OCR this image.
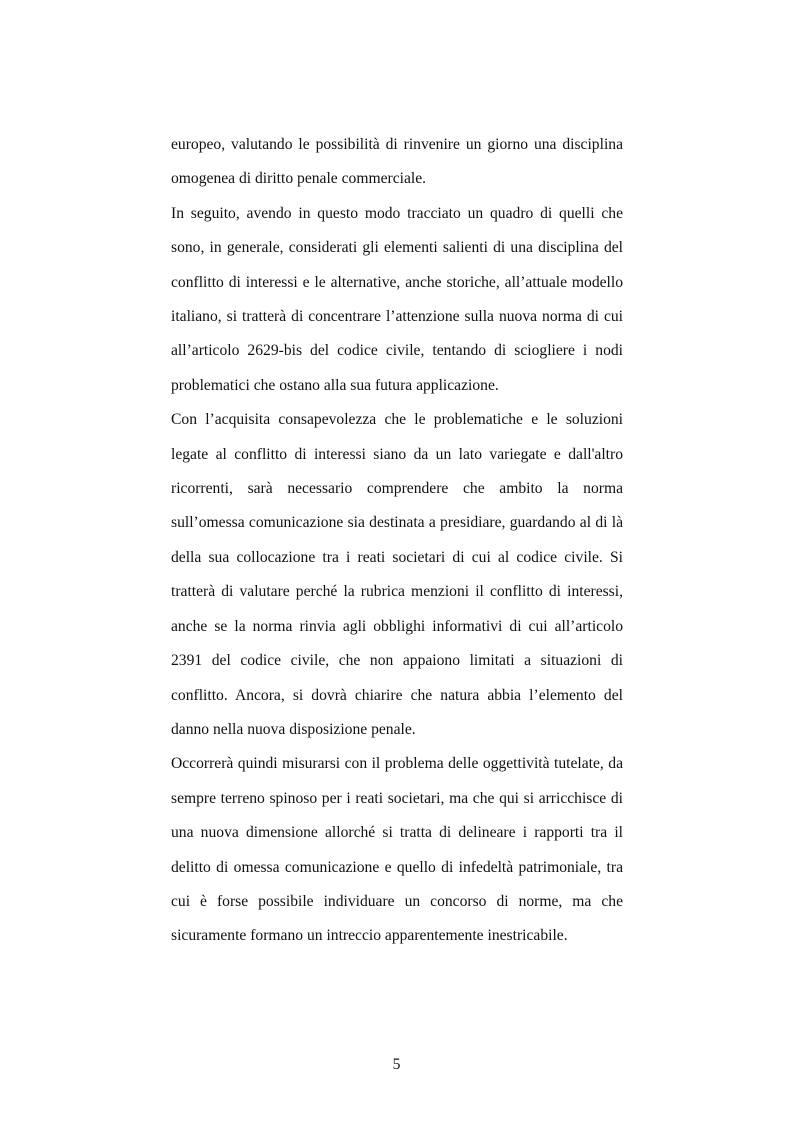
europeo, valutando le possibilità di rinvenire un giorno una disciplina omogenea di diritto penale commerciale.

In seguito, avendo in questo modo tracciato un quadro di quelli che sono, in generale, considerati gli elementi salienti di una disciplina del conflitto di interessi e le alternative, anche storiche, all’attuale modello italiano, si tratterà di concentrare l’attenzione sulla nuova norma di cui all’articolo 2629-bis del codice civile, tentando di sciogliere i nodi problematici che ostano alla sua futura applicazione.

Con l’acquisita consapevolezza che le problematiche e le soluzioni legate al conflitto di interessi siano da un lato variegate e dall'altro ricorrenti, sarà necessario comprendere che ambito la norma sull’omessa comunicazione sia destinata a presidiare, guardando al di là della sua collocazione tra i reati societari di cui al codice civile. Si tratterà di valutare perché la rubrica menzioni il conflitto di interessi, anche se la norma rinvia agli obblighi informativi di cui all’articolo 2391 del codice civile, che non appaiono limitati a situazioni di conflitto. Ancora, si dovrà chiarire che natura abbia l’elemento del danno nella nuova disposizione penale.

Occorrerà quindi misurarsi con il problema delle oggettività tutelate, da sempre terreno spinoso per i reati societari, ma che qui si arricchisce di una nuova dimensione allorché si tratta di delineare i rapporti tra il delitto di omessa comunicazione e quello di infedeltà patrimoniale, tra cui è forse possibile individuare un concorso di norme, ma che sicuramente formano un intreccio apparentemente inestricabile.

5
